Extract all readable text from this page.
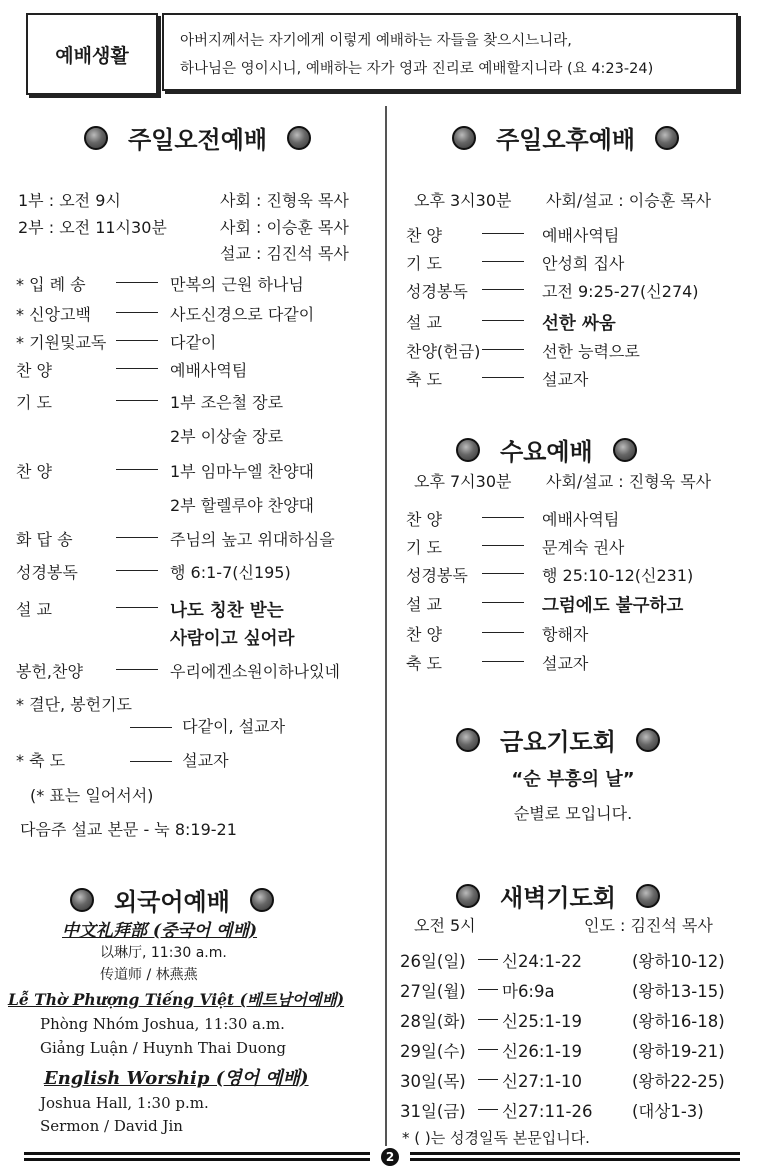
예배생활
아버지께서는 자기에게 이렇게 예배하는 자들을 찾으시느니라,
하나님은 영이시니, 예배하는 자가 영과 진리로 예배할지니라 (요 4:23-24)
주일오전예배
1부 : 오전 9시
2부 : 오전 11시30분
사회 : 진형욱 목사
사회 : 이승훈 목사
설교 : 김진석 목사
* 입 례 송	만복의 근원 하나님
* 신앙고백	사도신경으로 다같이
* 기원및교독	다같이
찬 양	예배사역팀
기 도	1부 조은철 장로
2부 이상술 장로
찬 양	1부 임마누엘 찬양대
2부 할렐루야 찬양대
화 답 송	주님의 높고 위대하심을
성경봉독	행 6:1-7(신195)
설 교	나도 칭찬 받는
사람이고 싶어라
봉헌,찬양	우리에겐소원이하나있네
* 결단, 봉헌기도
다같이, 설교자
* 축 도	설교자
(* 표는 일어서서)
다음주 설교 본문 - 눅 8:19-21
외국어예배
中文礼拜部 (중국어 예배)
以琳厅, 11:30 a.m.
传道师 / 林燕燕
Lễ Thờ Phượng Tiếng Việt (베트남어예배)
Phòng Nhóm Joshua, 11:30 a.m.
Giảng Luận / Huynh Thai Duong
English Worship (영어 예배)
Joshua Hall, 1:30 p.m.
Sermon / David Jin
주일오후예배
오후 3시30분 사회/설교 : 이승훈 목사
찬 양	예배사역팀
기 도	안성희 집사
성경봉독	고전 9:25-27(신274)
설 교	선한 싸움
찬양(헌금)	선한 능력으로
축 도	설교자
수요예배
오후 7시30분 사회/설교 : 진형욱 목사
찬 양	예배사역팀
기 도	문계숙 권사
성경봉독	행 25:10-12(신231)
설 교	그럼에도 불구하고
찬 양	항해자
축 도	설교자
금요기도회
“순 부흥의 날”
순별로 모입니다.
새벽기도회
오전 5시	인도 : 김진석 목사
26일(일) 신24:1-22	(왕하10-12)
27일(월) 마6:9a	(왕하13-15)
28일(화) 신25:1-19	(왕하16-18)
29일(수) 신26:1-19	(왕하19-21)
30일(목) 신27:1-10	(왕하22-25)
31일(금) 신27:11-26 (대상1-3)
* ( )는 성경일독 본문입니다.
2
